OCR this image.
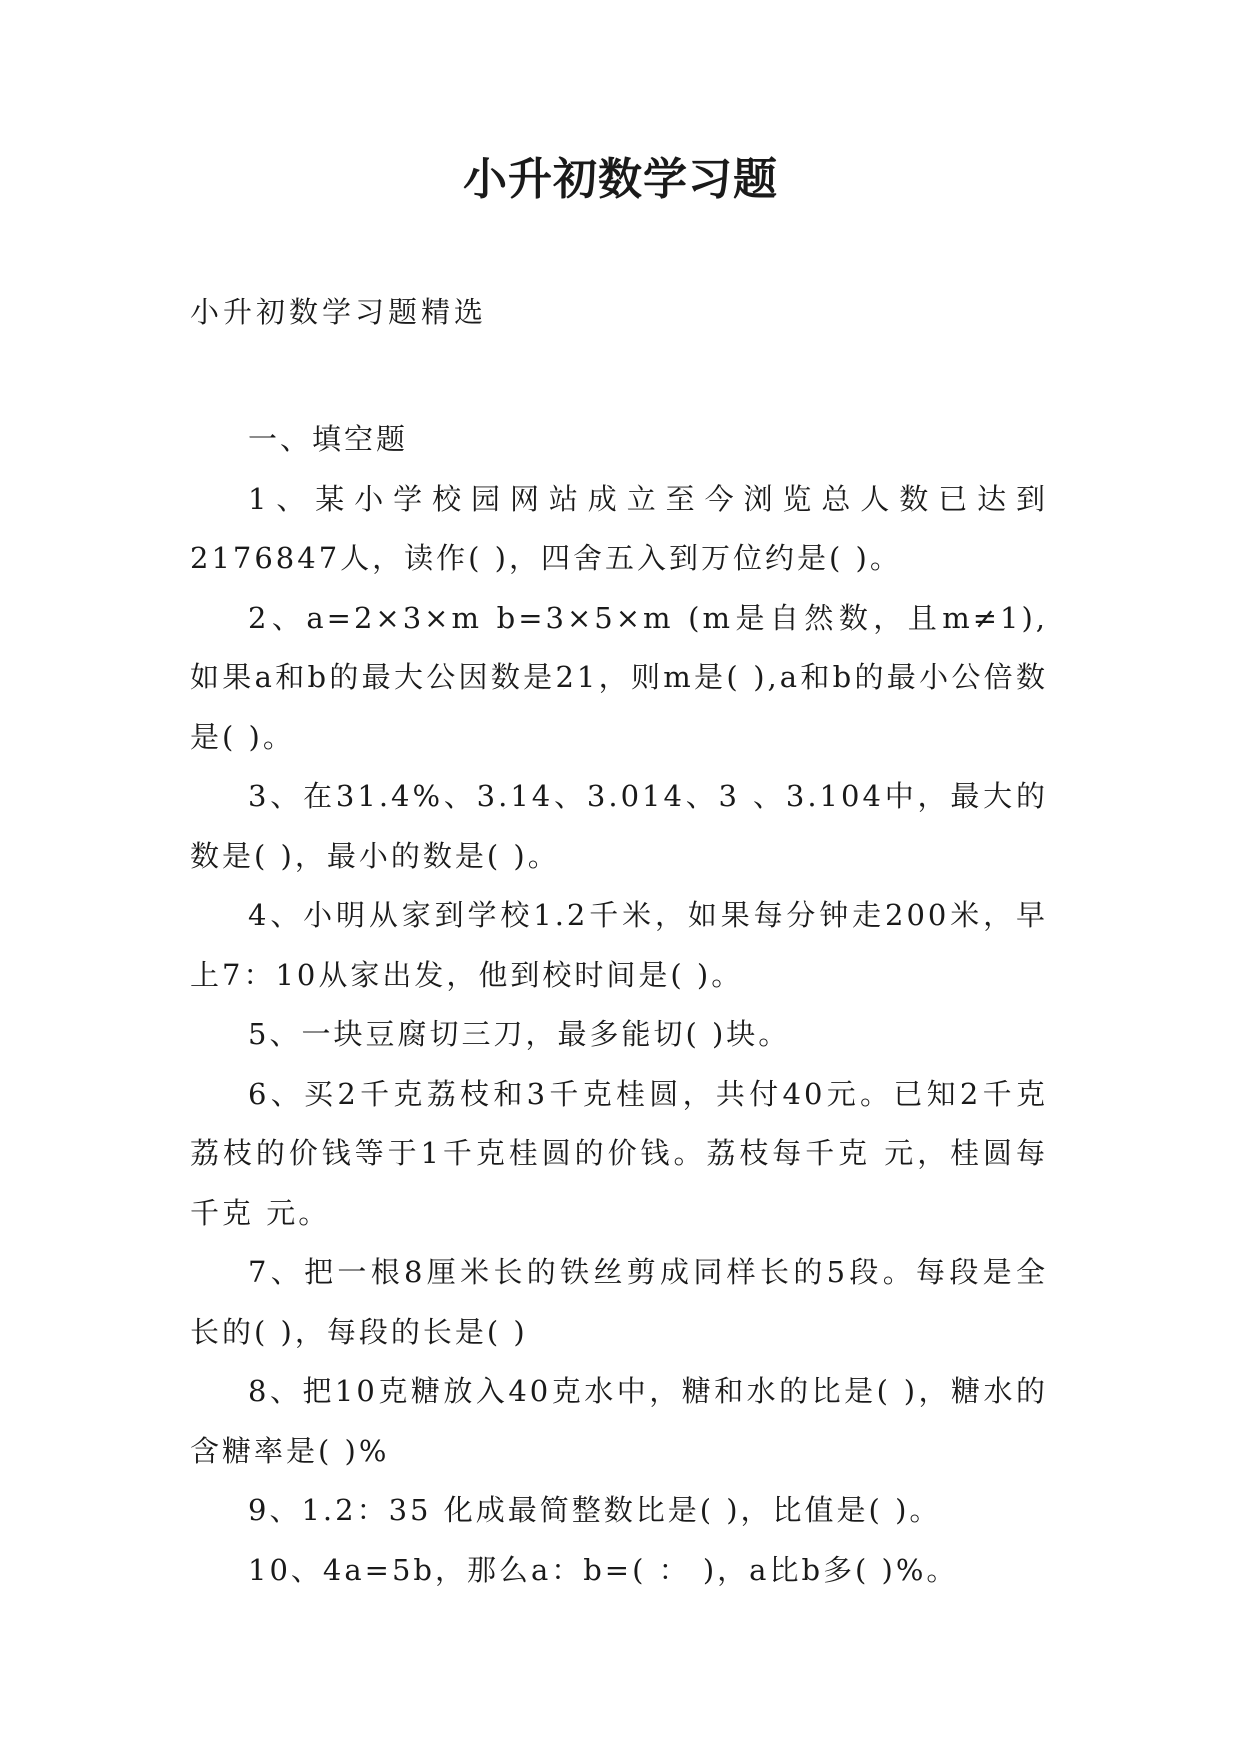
小升初数学习题
小升初数学习题精选

一、填空题

1、某小学校园网站成立至今浏览总人数已达到2176847人，读作( )，四舍五入到万位约是( )。

2、a=2×3×m b=3×5×m (m是自然数，且m≠1),如果a和b的最大公因数是21，则m是( ),a和b的最小公倍数是( )。

3、在31.4%、3.14、3.014、3 、3.104中，最大的数是( )，最小的数是( )。

4、小明从家到学校1.2千米，如果每分钟走200米，早上7：10从家出发，他到校时间是( )。

5、一块豆腐切三刀，最多能切( )块。

6、买2千克荔枝和3千克桂圆，共付40元。已知2千克荔枝的价钱等于1千克桂圆的价钱。荔枝每千克 元，桂圆每千克 元。

7、把一根8厘米长的铁丝剪成同样长的5段。每段是全长的( )，每段的长是( )

8、把10克糖放入40克水中，糖和水的比是( )，糖水的含糖率是( )%

9、1.2：35 化成最简整数比是( )，比值是( )。

10、4a=5b，那么a：b=( ： )，a比b多( )%。
